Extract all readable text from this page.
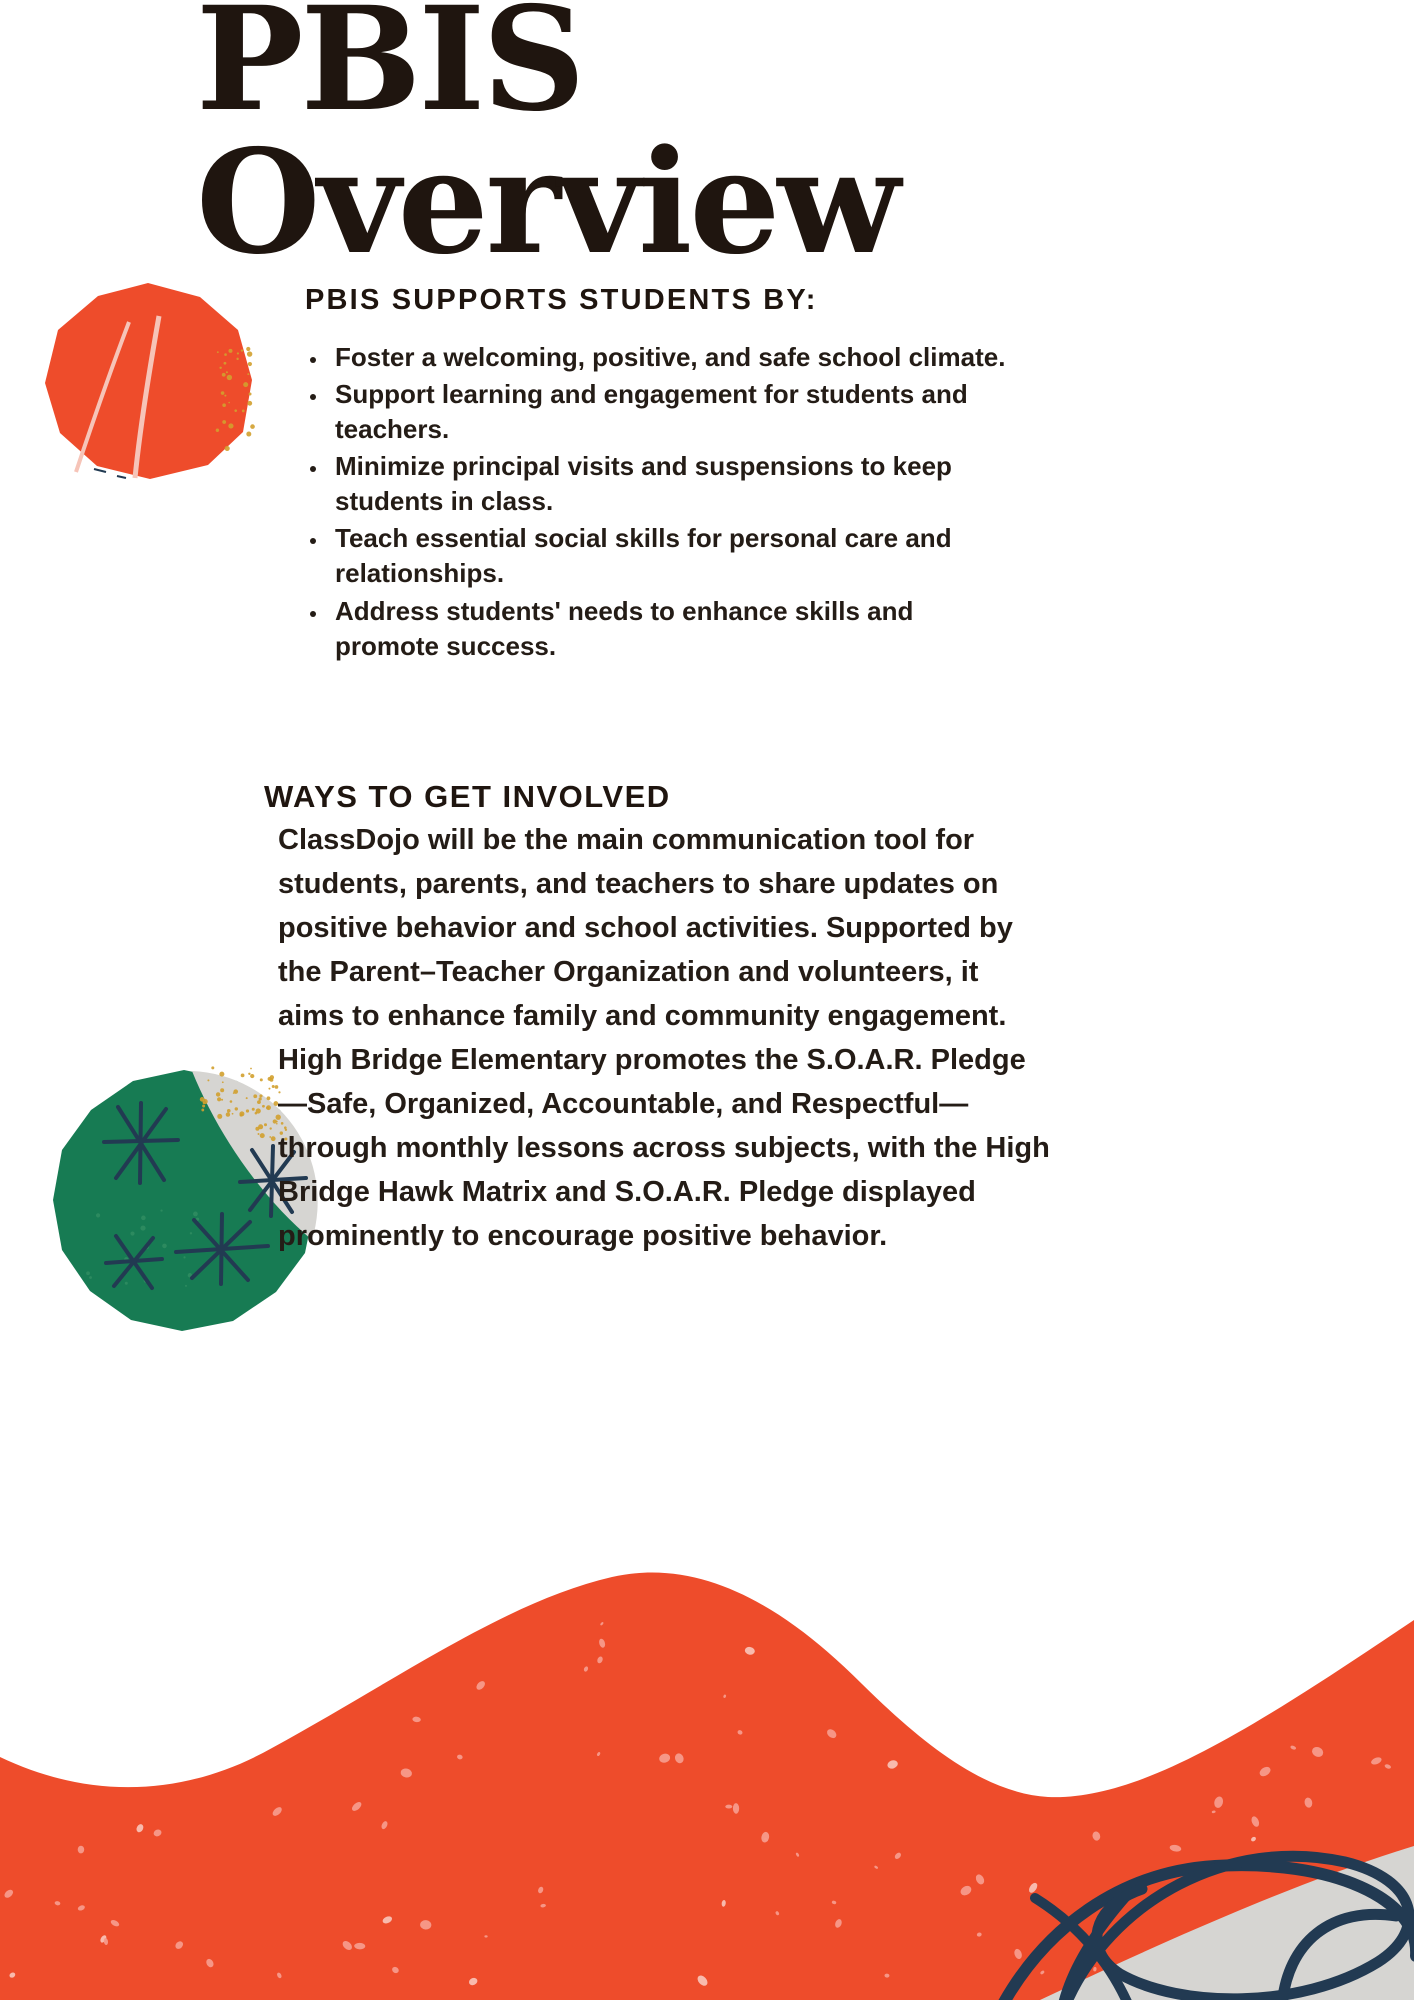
PBIS
Overview
PBIS SUPPORTS STUDENTS BY:
• Foster a welcoming, positive, and safe school climate.
• Support learning and engagement for students and teachers.
• Minimize principal visits and suspensions to keep students in class.
• Teach essential social skills for personal care and relationships.
• Address students' needs to enhance skills and promote success.
WAYS TO GET INVOLVED

ClassDojo will be the main communication tool for students, parents, and teachers to share updates on positive behavior and school activities. Supported by the Parent–Teacher Organization and volunteers, it aims to enhance family and community engagement. High Bridge Elementary promotes the S.O.A.R. Pledge—Safe, Organized, Accountable, and Respectful—through monthly lessons across subjects, with the High Bridge Hawk Matrix and S.O.A.R. Pledge displayed prominently to encourage positive behavior.
